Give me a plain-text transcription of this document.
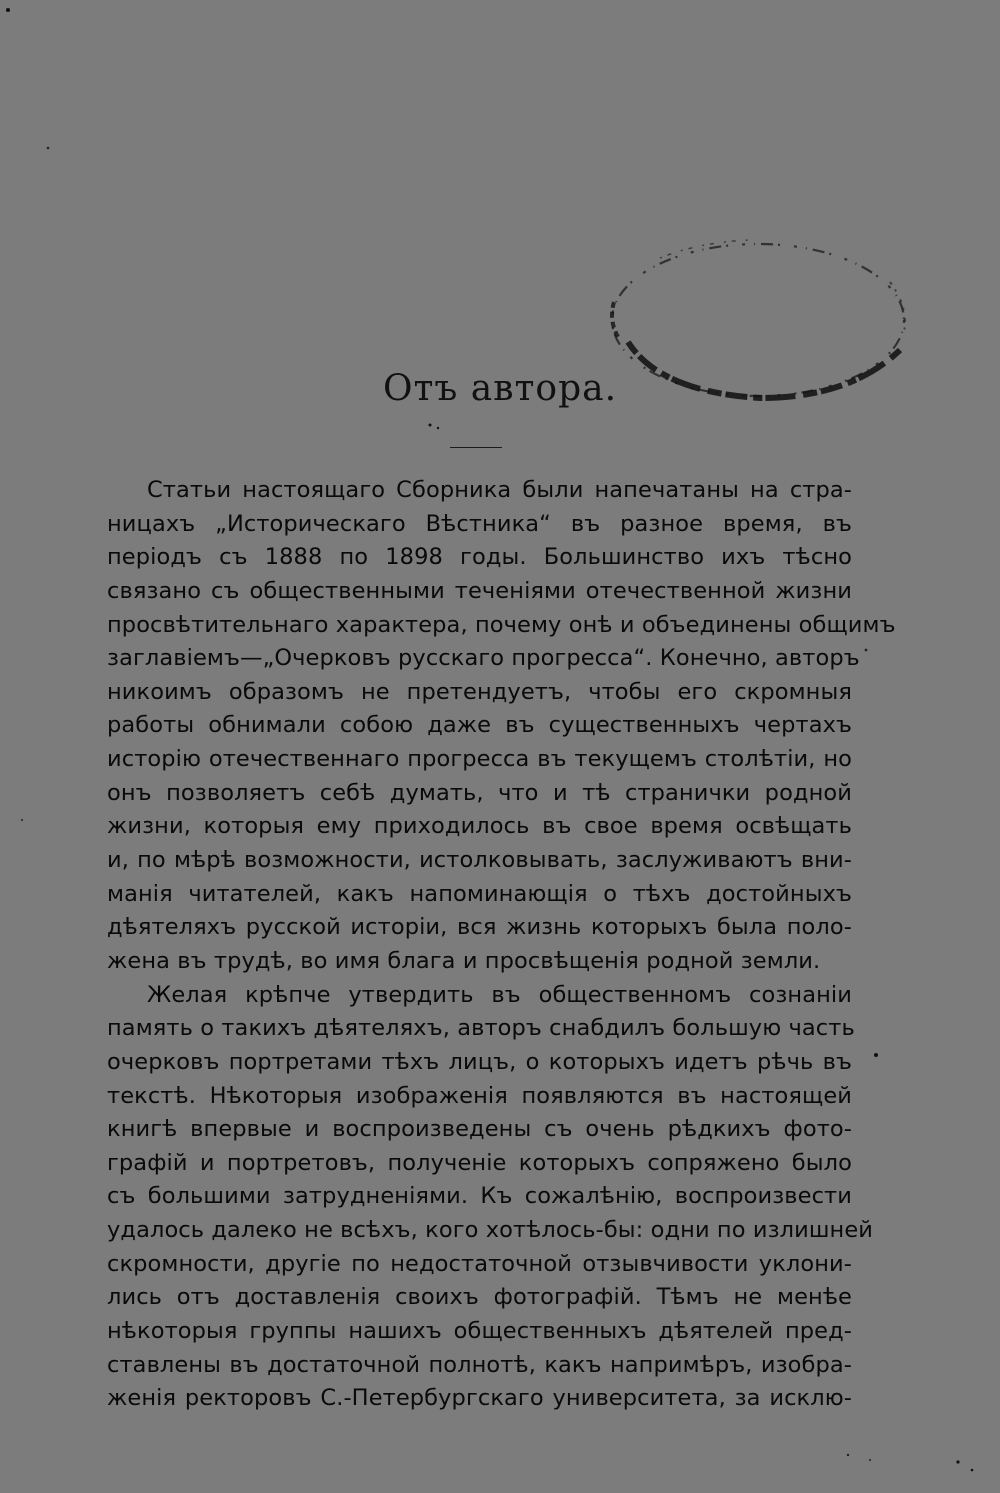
Отъ автора.
Статьи настоящаго Сборника были напечатаны на стра-
ницахъ „Историческаго Вѣстника“ въ разное время, въ
періодъ съ 1888 по 1898 годы. Большинство ихъ тѣсно
связано съ общественными теченіями отечественной жизни
просвѣтительнаго характера, почему онѣ и объединены общимъ
заглавіемъ—„Очерковъ русскаго прогресса“. Конечно, авторъ
никоимъ образомъ не претендуетъ, чтобы его скромныя
работы обнимали собою даже въ существенныхъ чертахъ
исторію отечественнаго прогресса въ текущемъ столѣтіи, но
онъ позволяетъ себѣ думать, что и тѣ странички родной
жизни, которыя ему приходилось въ свое время освѣщать
и, по мѣрѣ возможности, истолковывать, заслуживаютъ вни-
манія читателей, какъ напоминающія о тѣхъ достойныхъ
дѣятеляхъ русской исторіи, вся жизнь которыхъ была поло-
жена въ трудѣ, во имя блага и просвѣщенія родной земли.
Желая крѣпче утвердить въ общественномъ сознаніи
память о такихъ дѣятеляхъ, авторъ снабдилъ большую часть
очерковъ портретами тѣхъ лицъ, о которыхъ идетъ рѣчь въ
текстѣ. Нѣкоторыя изображенія появляются въ настоящей
книгѣ впервые и воспроизведены съ очень рѣдкихъ фото-
графій и портретовъ, полученіе которыхъ сопряжено было
съ большими затрудненіями. Къ сожалѣнію, воспроизвести
удалось далеко не всѣхъ, кого хотѣлось-бы: одни по излишней
скромности, другіе по недостаточной отзывчивости уклони-
лись отъ доставленія своихъ фотографій. Тѣмъ не менѣе
нѣкоторыя группы нашихъ общественныхъ дѣятелей пред-
ставлены въ достаточной полнотѣ, какъ напримѣръ, изобра-
женія ректоровъ С.-Петербургскаго университета, за исклю-
